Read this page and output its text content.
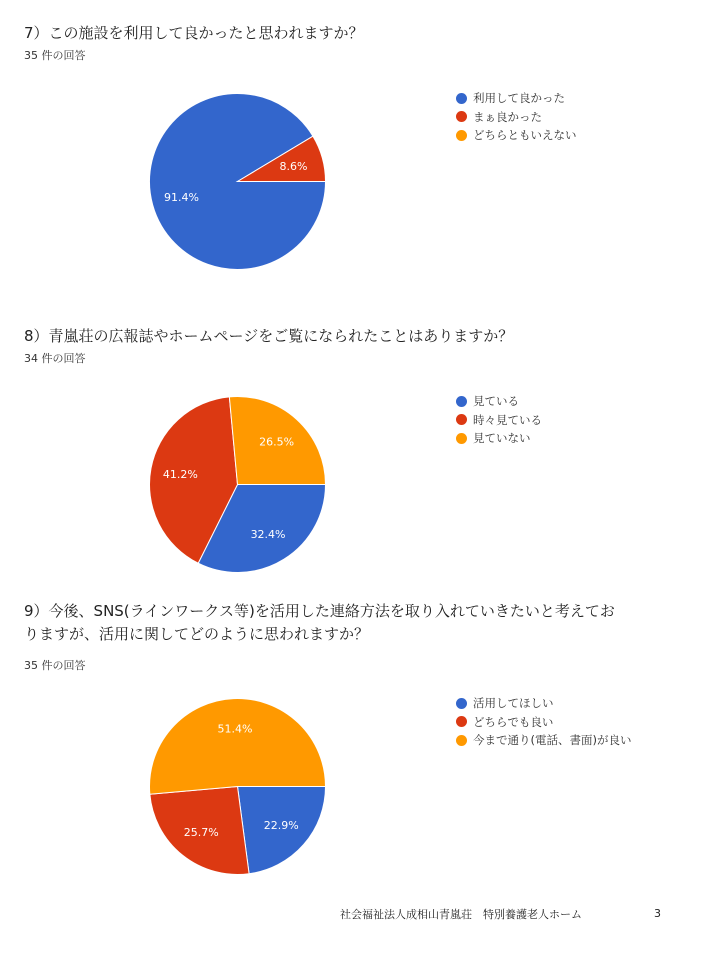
7）この施設を利用して良かったと思われますか？
35 件の回答
91.4%
8.6%
利用して良かった
まぁ良かった
どちらともいえない
8）青嵐荘の広報誌やホームページをご覧になられたことはありますか？
34 件の回答
32.4%
41.2%
26.5%
見ている
時々見ている
見ていない
9）今後、SNS(ラインワークス等)を活用した連絡方法を取り入れていきたいと考えてお
りますが、活用に関してどのように思われますか？
35 件の回答
22.9%
25.7%
51.4%
活用してほしい
どちらでも良い
今まで通り(電話、書面)が良い
社会福祉法人成相山青嵐荘　特別養護老人ホーム	3
